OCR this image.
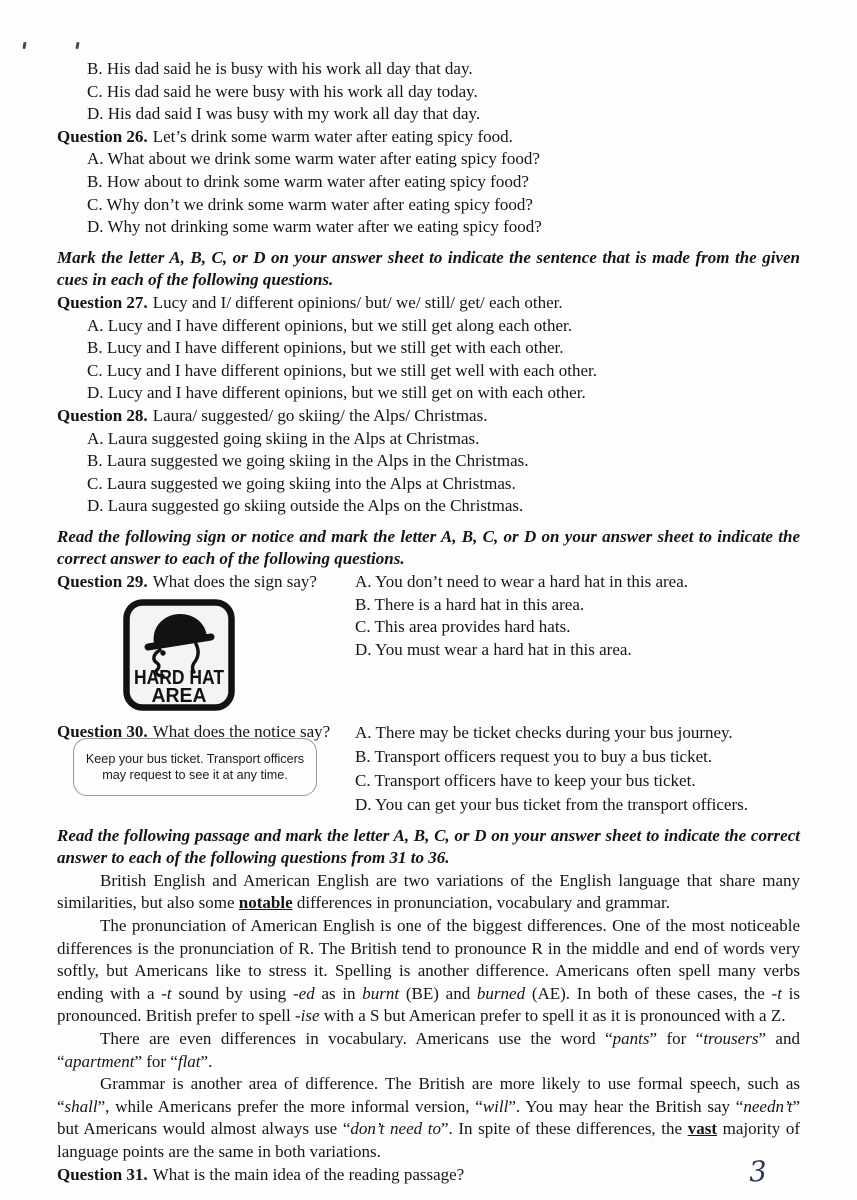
B. His dad said he is busy with his work all day that day.
C. His dad said he were busy with his work all day today.
D. His dad said I was busy with my work all day that day.
Question 26. Let’s drink some warm water after eating spicy food.
A. What about we drink some warm water after eating spicy food?
B. How about to drink some warm water after eating spicy food?
C. Why don’t we drink some warm water after eating spicy food?
D. Why not drinking some warm water after we eating spicy food?

Mark the letter A, B, C, or D on your answer sheet to indicate the sentence that is made from the given cues in each of the following questions.

Question 27. Lucy and I/ different opinions/ but/ we/ still/ get/ each other.
A. Lucy and I have different opinions, but we still get along each other.
B. Lucy and I have different opinions, but we still get with each other.
C. Lucy and I have different opinions, but we still get well with each other.
D. Lucy and I have different opinions, but we still get on with each other.
Question 28. Laura/ suggested/ go skiing/ the Alps/ Christmas.
A. Laura suggested going skiing in the Alps at Christmas.
B. Laura suggested we going skiing in the Alps in the Christmas.
C. Laura suggested we going skiing into the Alps at Christmas.
D. Laura suggested go skiing outside the Alps on the Christmas.

Read the following sign or notice and mark the letter A, B, C, or D on your answer sheet to indicate the correct answer to each of the following questions.

Question 29. What does the sign say?
HARD HAT
AREA
A. You don’t need to wear a hard hat in this area.
B. There is a hard hat in this area.
C. This area provides hard hats.
D. You must wear a hard hat in this area.
Question 30. What does the notice say?
Keep your bus ticket. Transport officers may request to see it at any time.
A. There may be ticket checks during your bus journey.
B. Transport officers request you to buy a bus ticket.
C. Transport officers have to keep your bus ticket.
D. You can get your bus ticket from the transport officers.

Read the following passage and mark the letter A, B, C, or D on your answer sheet to indicate the correct answer to each of the following questions from 31 to 36.

British English and American English are two variations of the English language that share many similarities, but also some notable differences in pronunciation, vocabulary and grammar.

The pronunciation of American English is one of the biggest differences. One of the most noticeable differences is the pronunciation of R. The British tend to pronounce R in the middle and end of words very softly, but Americans like to stress it. Spelling is another difference. Americans often spell many verbs ending with a -t sound by using -ed as in burnt (BE) and burned (AE). In both of these cases, the -t is pronounced. British prefer to spell -ise with a S but American prefer to spell it as it is pronounced with a Z.

There are even differences in vocabulary. Americans use the word “pants” for “trousers” and “apartment” for “flat”.

Grammar is another area of difference. The British are more likely to use formal speech, such as “shall”, while Americans prefer the more informal version, “will”. You may hear the British say “needn’t” but Americans would almost always use “don’t need to”. In spite of these differences, the vast majority of language points are the same in both variations.

Question 31. What is the main idea of the reading passage?	3
